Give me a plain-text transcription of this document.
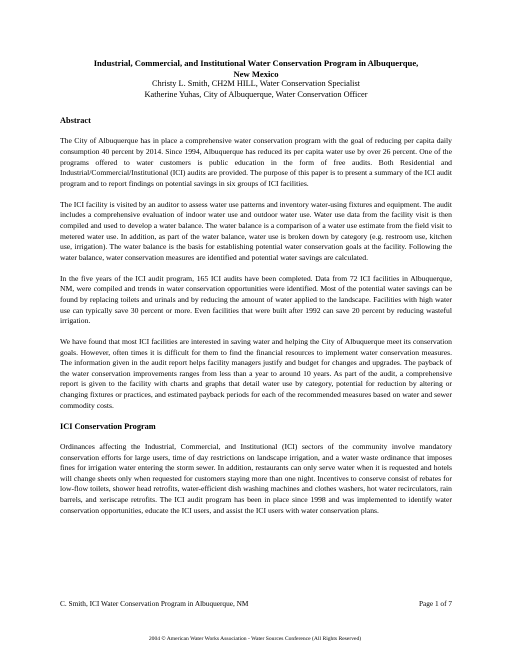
Industrial, Commercial, and Institutional Water Conservation Program in Albuquerque,

New Mexico

Christy L. Smith, CH2M HILL, Water Conservation Specialist

Katherine Yuhas, City of Albuquerque, Water Conservation Officer

Abstract

The City of Albuquerque has in place a comprehensive water conservation program with the goal of reducing per capita daily consumption 40 percent by 2014. Since 1994, Albuquerque has reduced its per capita water use by over 26 percent. One of the programs offered to water customers is public education in the form of free audits. Both Residential and Industrial/Commercial/Institutional (ICI) audits are provided. The purpose of this paper is to present a summary of the ICI audit program and to report findings on potential savings in six groups of ICI facilities.

The ICI facility is visited by an auditor to assess water use patterns and inventory water-using fixtures and equipment. The audit includes a comprehensive evaluation of indoor water use and outdoor water use. Water use data from the facility visit is then compiled and used to develop a water balance. The water balance is a comparison of a water use estimate from the field visit to metered water use. In addition, as part of the water balance, water use is broken down by category (e.g. restroom use, kitchen use, irrigation). The water balance is the basis for establishing potential water conservation goals at the facility. Following the water balance, water conservation measures are identified and potential water savings are calculated.

In the five years of the ICI audit program, 165 ICI audits have been completed. Data from 72 ICI facilities in Albuquerque, NM, were compiled and trends in water conservation opportunities were identified. Most of the potential water savings can be found by replacing toilets and urinals and by reducing the amount of water applied to the landscape. Facilities with high water use can typically save 30 percent or more. Even facilities that were built after 1992 can save 20 percent by reducing wasteful irrigation.

We have found that most ICI facilities are interested in saving water and helping the City of Albuquerque meet its conservation goals. However, often times it is difficult for them to find the financial resources to implement water conservation measures. The information given in the audit report helps facility managers justify and budget for changes and upgrades. The payback of the water conservation improvements ranges from less than a year to around 10 years. As part of the audit, a comprehensive report is given to the facility with charts and graphs that detail water use by category, potential for reduction by altering or changing fixtures or practices, and estimated payback periods for each of the recommended measures based on water and sewer commodity costs.

ICI Conservation Program

Ordinances affecting the Industrial, Commercial, and Institutional (ICI) sectors of the community involve mandatory conservation efforts for large users, time of day restrictions on landscape irrigation, and a water waste ordinance that imposes fines for irrigation water entering the storm sewer. In addition, restaurants can only serve water when it is requested and hotels will change sheets only when requested for customers staying more than one night. Incentives to conserve consist of rebates for low-flow toilets, shower head retrofits, water-efficient dish washing machines and clothes washers, hot water recirculators, rain barrels, and xeriscape retrofits. The ICI audit program has been in place since 1998 and was implemented to identify water conservation opportunities, educate the ICI users, and assist the ICI users with water conservation plans.

C. Smith, ICI Water Conservation Program in Albuquerque, NM	Page 1 of 7
2004 © American Water Works Association - Water Sources Conference (All Rights Reserved)
